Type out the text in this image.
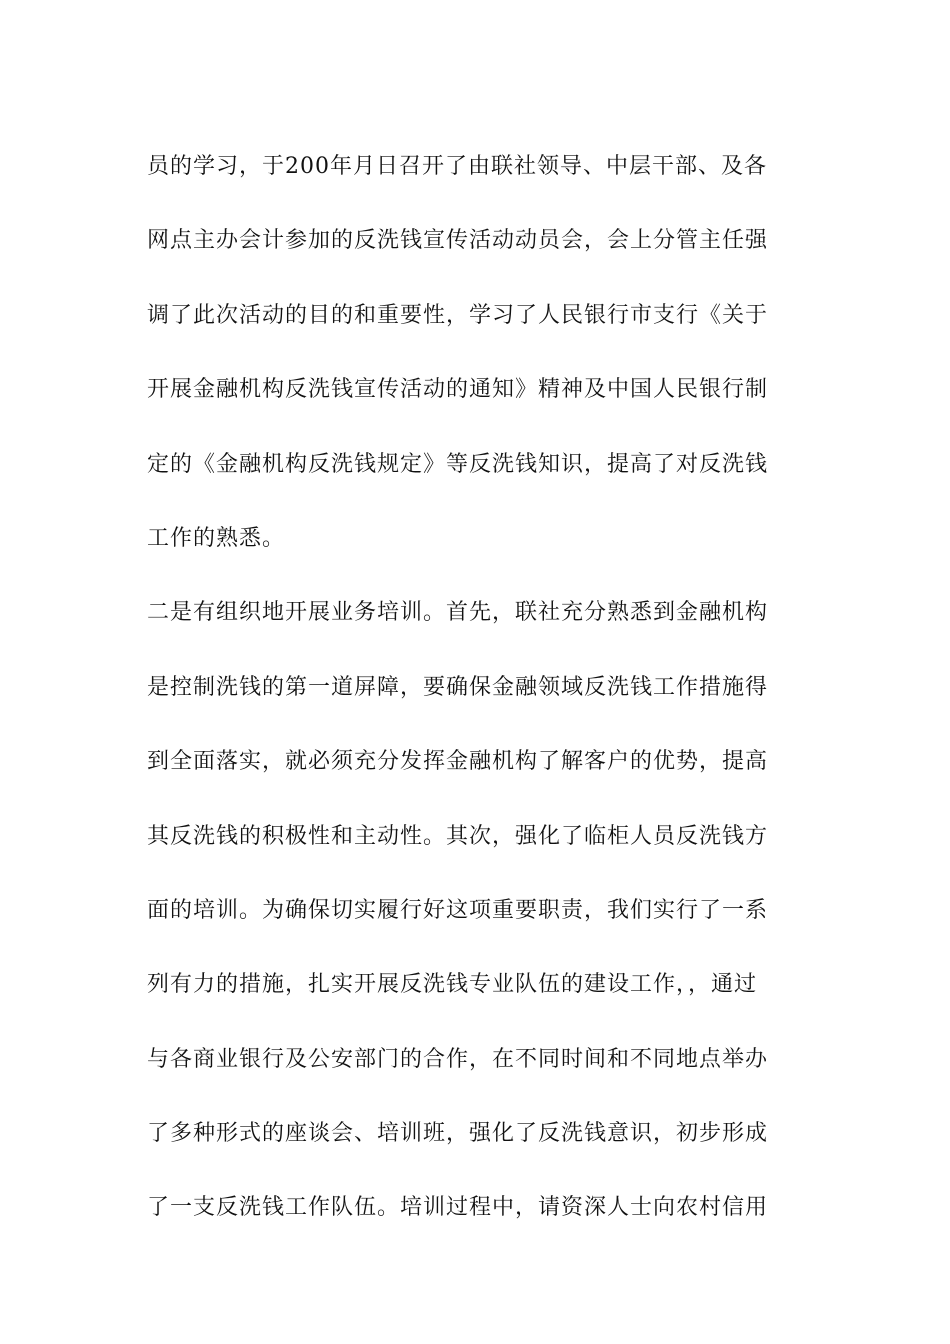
员的学习，于200年月日召开了由联社领导、中层干部、及各
网点主办会计参加的反洗钱宣传活动动员会，会上分管主任强
调了此次活动的目的和重要性，学习了人民银行市支行《关于
开展金融机构反洗钱宣传活动的通知》精神及中国人民银行制
定的《金融机构反洗钱规定》等反洗钱知识，提高了对反洗钱
工作的熟悉。
二是有组织地开展业务培训。首先，联社充分熟悉到金融机构
是控制洗钱的第一道屏障，要确保金融领域反洗钱工作措施得
到全面落实，就必须充分发挥金融机构了解客户的优势，提高
其反洗钱的积极性和主动性。其次，强化了临柜人员反洗钱方
面的培训。为确保切实履行好这项重要职责，我们实行了一系
列有力的措施，扎实开展反洗钱专业队伍的建设工作，，通过
与各商业银行及公安部门的合作，在不同时间和不同地点举办
了多种形式的座谈会、培训班，强化了反洗钱意识，初步形成
了一支反洗钱工作队伍。培训过程中，请资深人士向农村信用
